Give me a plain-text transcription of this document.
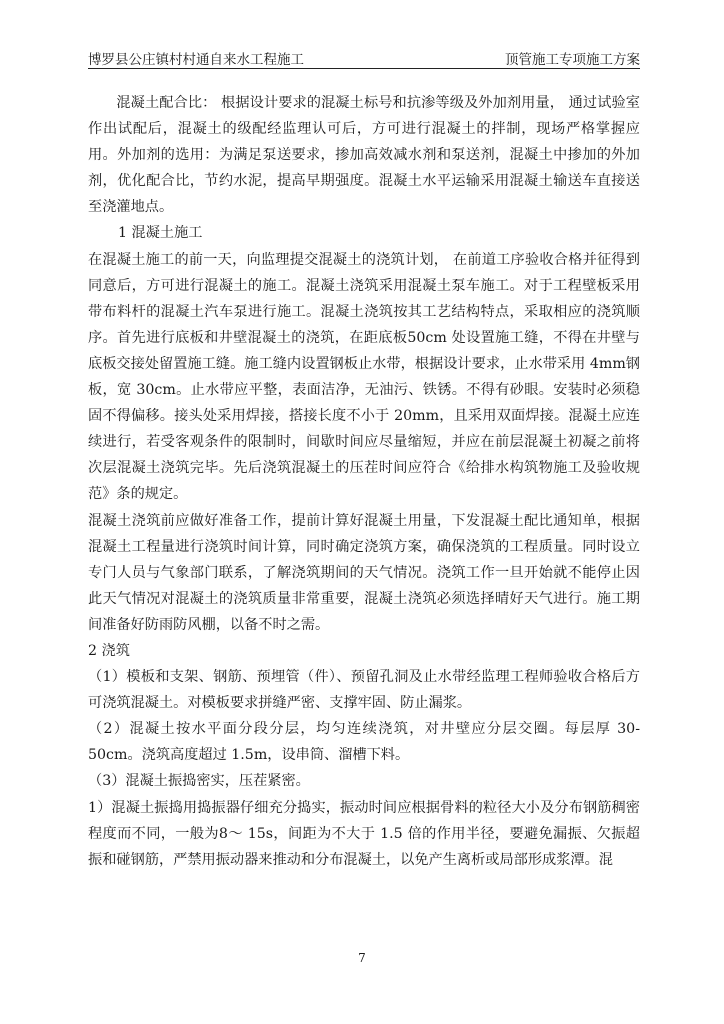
博罗县公庄镇村村通自来水工程施工	顶管施工专项施工方案

混凝土配合比： 根据设计要求的混凝土标号和抗渗等级及外加剂用量， 通过试验室作出试配后，混凝土的级配经监理认可后，方可进行混凝土的拌制，现场严格掌握应用。外加剂的选用：为满足泵送要求，掺加高效减水剂和泵送剂，混凝土中掺加的外加剂，优化配合比，节约水泥，提高早期强度。混凝土水平运输采用混凝土输送车直接送至浇灌地点。

1 混凝土施工

在混凝土施工的前一天，向监理提交混凝土的浇筑计划， 在前道工序验收合格并征得到同意后，方可进行混凝土的施工。混凝土浇筑采用混凝土泵车施工。对于工程壁板采用带布料杆的混凝土汽车泵进行施工。混凝土浇筑按其工艺结构特点，采取相应的浇筑顺序。首先进行底板和井壁混凝土的浇筑，在距底板50cm 处设置施工缝，不得在井壁与底板交接处留置施工缝。施工缝内设置钢板止水带，根据设计要求，止水带采用 4mm钢板，宽 30cm。止水带应平整，表面洁净，无油污、铁锈。不得有砂眼。安装时必须稳固不得偏移。接头处采用焊接，搭接长度不小于 20mm，且采用双面焊接。混凝土应连续进行，若受客观条件的限制时，间歇时间应尽量缩短，并应在前层混凝土初凝之前将次层混凝土浇筑完毕。先后浇筑混凝土的压茬时间应符合《给排水构筑物施工及验收规范》条的规定。

混凝土浇筑前应做好准备工作，提前计算好混凝土用量，下发混凝土配比通知单，根据混凝土工程量进行浇筑时间计算，同时确定浇筑方案，确保浇筑的工程质量。同时设立专门人员与气象部门联系，了解浇筑期间的天气情况。浇筑工作一旦开始就不能停止因此天气情况对混凝土的浇筑质量非常重要，混凝土浇筑必须选择晴好天气进行。施工期间准备好防雨防风棚，以备不时之需。

2 浇筑

（1）模板和支架、钢筋、预埋管（件）、预留孔洞及止水带经监理工程师验收合格后方可浇筑混凝土。对模板要求拼缝严密、支撑牢固、防止漏浆。

（2）混凝土按水平面分段分层，均匀连续浇筑，对井壁应分层交圈。每层厚 30-50cm。浇筑高度超过 1.5m，设串筒、溜槽下料。

（3）混凝土振捣密实，压茬紧密。

1）混凝土振捣用捣振器仔细充分捣实，振动时间应根据骨料的粒径大小及分布钢筋稠密程度而不同，一般为8～ 15s，间距为不大于 1.5 倍的作用半径，要避免漏振、欠振超振和碰钢筋，严禁用振动器来推动和分布混凝土，以免产生离析或局部形成浆潭。混

7
